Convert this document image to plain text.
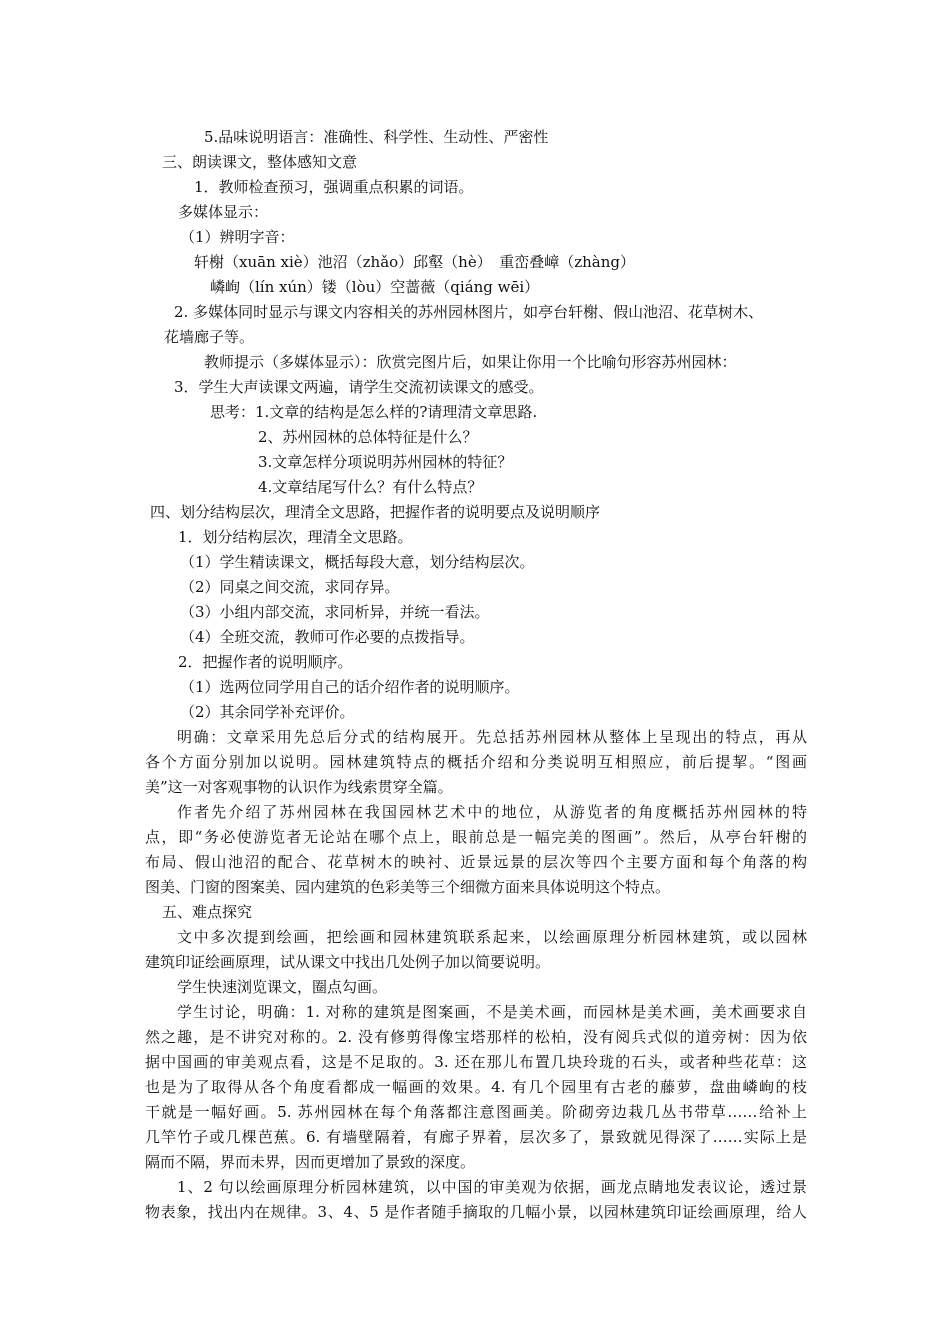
5.品味说明语言：准确性、科学性、生动性、严密性

三、朗读课文，整体感知文意

1．教师检查预习，强调重点积累的词语。

多媒体显示：

（1）辨明字音：

轩榭（xuān xiè）池沼（zhǎo）邱壑（hè）　重峦叠嶂（zhàng）

嶙峋（lín xún）镂（lòu）空蔷薇（qiáng wēi）

2. 多媒体同时显示与课文内容相关的苏州园林图片，如亭台轩榭、假山池沼、花草树木、

花墙廊子等。

教师提示（多媒体显示）：欣赏完图片后，如果让你用一个比喻句形容苏州园林：

3．学生大声读课文两遍，请学生交流初读课文的感受。

思考：1.文章的结构是怎么样的?请理清文章思路.

2、苏州园林的总体特征是什么？

3.文章怎样分项说明苏州园林的特征？

4.文章结尾写什么？有什么特点？

四、划分结构层次，理清全文思路，把握作者的说明要点及说明顺序

1．划分结构层次，理清全文思路。

（1）学生精读课文，概括每段大意，划分结构层次。

（2）同桌之间交流，求同存异。

（3）小组内部交流，求同析异，并统一看法。

（4）全班交流，教师可作必要的点拨指导。

2．把握作者的说明顺序。

（1）选两位同学用自己的话介绍作者的说明顺序。

（2）其余同学补充评价。

明确：文章采用先总后分式的结构展开。先总括苏州园林从整体上呈现出的特点，再从

各个方面分别加以说明。园林建筑特点的概括介绍和分类说明互相照应，前后提挈。“图画

美”这一对客观事物的认识作为线索贯穿全篇。

作者先介绍了苏州园林在我国园林艺术中的地位，从游览者的角度概括苏州园林的特

点，即“务必使游览者无论站在哪个点上，眼前总是一幅完美的图画”。然后，从亭台轩榭的

布局、假山池沼的配合、花草树木的映衬、近景远景的层次等四个主要方面和每个角落的构

图美、门窗的图案美、园内建筑的色彩美等三个细微方面来具体说明这个特点。

五、难点探究

文中多次提到绘画，把绘画和园林建筑联系起来，以绘画原理分析园林建筑，或以园林

建筑印证绘画原理，试从课文中找出几处例子加以简要说明。

学生快速浏览课文，圈点勾画。

学生讨论，明确：1. 对称的建筑是图案画，不是美术画，而园林是美术画，美术画要求自

然之趣，是不讲究对称的。2. 没有修剪得像宝塔那样的松柏，没有阅兵式似的道旁树：因为依

据中国画的审美观点看，这是不足取的。3. 还在那儿布置几块玲珑的石头，或者种些花草：这

也是为了取得从各个角度看都成一幅画的效果。4. 有几个园里有古老的藤萝，盘曲嶙峋的枝

干就是一幅好画。5. 苏州园林在每个角落都注意图画美。阶砌旁边栽几丛书带草……给补上

几竿竹子或几棵芭蕉。6. 有墙壁隔着，有廊子界着，层次多了，景致就见得深了……实际上是

隔而不隔，界而未界，因而更增加了景致的深度。

1、2 句以绘画原理分析园林建筑，以中国的审美观为依据，画龙点睛地发表议论，透过景

物表象，找出内在规律。3、4、5 是作者随手摘取的几幅小景，以园林建筑印证绘画原理，给人
